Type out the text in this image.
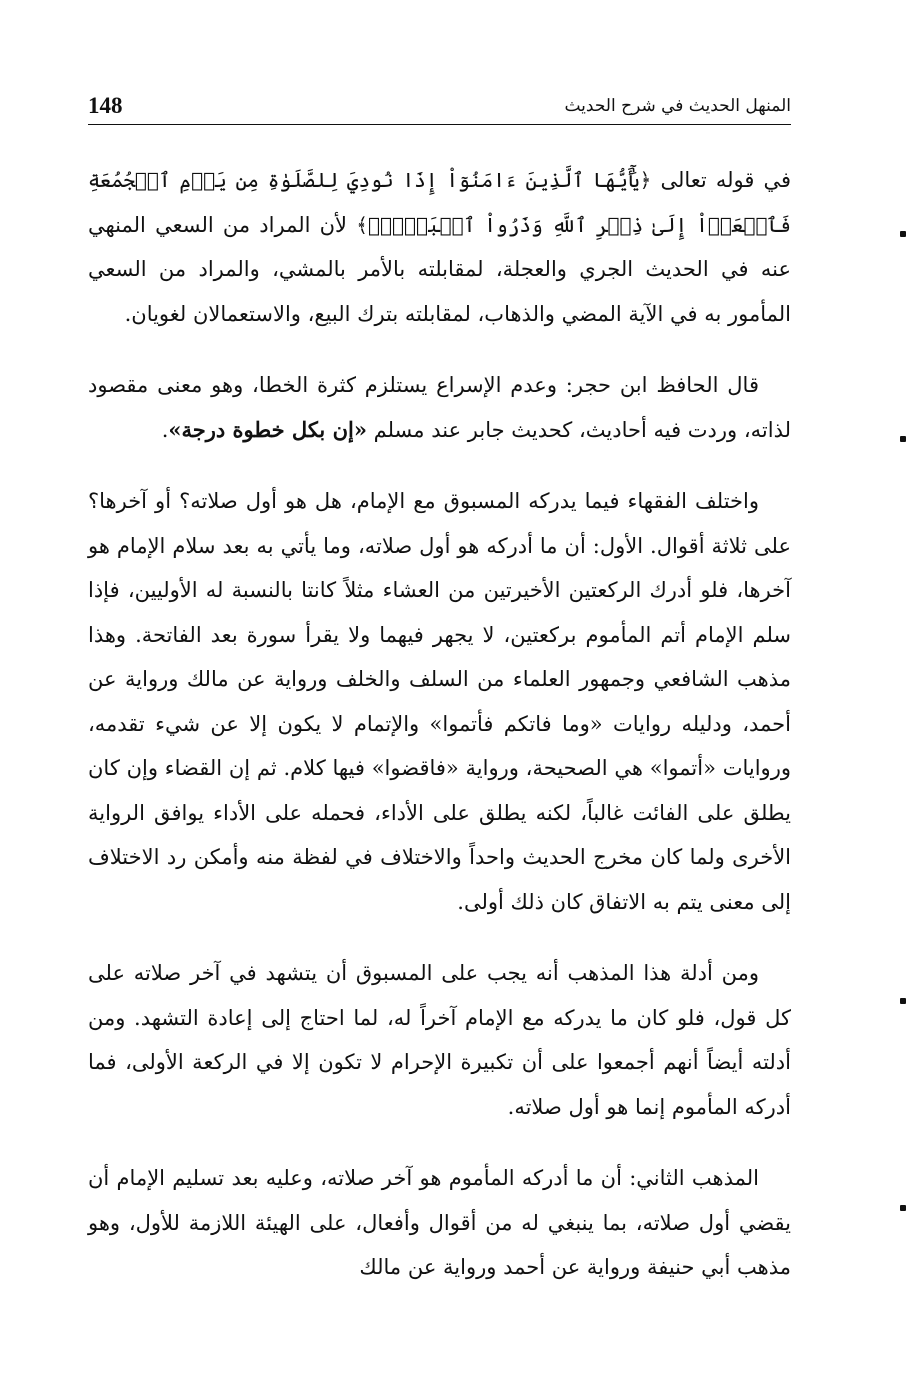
148	المنهل الحديث في شرح الحديث

في قوله تعالى ﴿يَٰٓأَيُّهَا ٱلَّذِينَ ءَامَنُوٓاْ إِذَا نُودِيَ لِلصَّلَوٰةِ مِن يَوۡمِ ٱلۡجُمُعَةِ فَٱسۡعَوۡاْ إِلَىٰ ذِكۡرِ ٱللَّهِ وَذَرُواْ ٱلۡبَيۡعَۚ﴾ لأن المراد من السعي المنهي عنه في الحديث الجري والعجلة، لمقابلته بالأمر بالمشي، والمراد من السعي المأمور به في الآية المضي والذهاب، لمقابلته بترك البيع، والاستعمالان لغويان.

قال الحافظ ابن حجر: وعدم الإسراع يستلزم كثرة الخطا، وهو معنى مقصود لذاته، وردت فيه أحاديث، كحديث جابر عند مسلم «إن بكل خطوة درجة».

واختلف الفقهاء فيما يدركه المسبوق مع الإمام، هل هو أول صلاته؟ أو آخرها؟ على ثلاثة أقوال. الأول: أن ما أدركه هو أول صلاته، وما يأتي به بعد سلام الإمام هو آخرها، فلو أدرك الركعتين الأخيرتين من العشاء مثلاً كانتا بالنسبة له الأوليين، فإذا سلم الإمام أتم المأموم بركعتين، لا يجهر فيهما ولا يقرأ سورة بعد الفاتحة. وهذا مذهب الشافعي وجمهور العلماء من السلف والخلف ورواية عن مالك ورواية عن أحمد، ودليله روايات «وما فاتكم فأتموا» والإتمام لا يكون إلا عن شيء تقدمه، وروايات «أتموا» هي الصحيحة، ورواية «فاقضوا» فيها كلام. ثم إن القضاء وإن كان يطلق على الفائت غالباً، لكنه يطلق على الأداء، فحمله على الأداء يوافق الرواية الأخرى ولما كان مخرج الحديث واحداً والاختلاف في لفظة منه وأمكن رد الاختلاف إلى معنى يتم به الاتفاق كان ذلك أولى.

ومن أدلة هذا المذهب أنه يجب على المسبوق أن يتشهد في آخر صلاته على كل قول، فلو كان ما يدركه مع الإمام آخراً له، لما احتاج إلى إعادة التشهد. ومن أدلته أيضاً أنهم أجمعوا على أن تكبيرة الإحرام لا تكون إلا في الركعة الأولى، فما أدركه المأموم إنما هو أول صلاته.

المذهب الثاني: أن ما أدركه المأموم هو آخر صلاته، وعليه بعد تسليم الإمام أن يقضي أول صلاته، بما ينبغي له من أقوال وأفعال، على الهيئة اللازمة للأول، وهو مذهب أبي حنيفة ورواية عن أحمد ورواية عن مالك
